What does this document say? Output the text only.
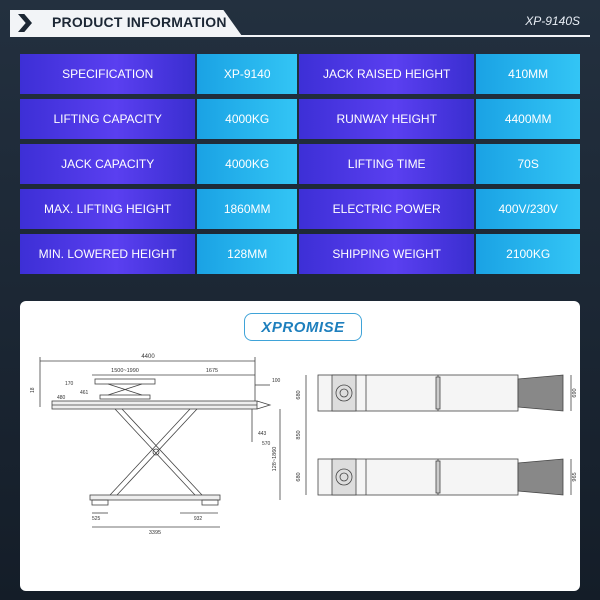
PRODUCT INFORMATION	XP-9140S
SPECIFICATION	XP-9140	JACK RAISED HEIGHT	410MM
LIFTING CAPACITY	4000KG	RUNWAY HEIGHT	4400MM
JACK CAPACITY	4000KG	LIFTING TIME	70S
MAX. LIFTING HEIGHT	1860MM	ELECTRIC POWER	400V/230V
MIN. LOWERED HEIGHT	128MM	SHIPPING WEIGHT	2100KG
XPROMISE
4400
1500~1990	1675
170
461
480
18
100
443
570
128~1860
525	932
3395
680
850
680
690
965
